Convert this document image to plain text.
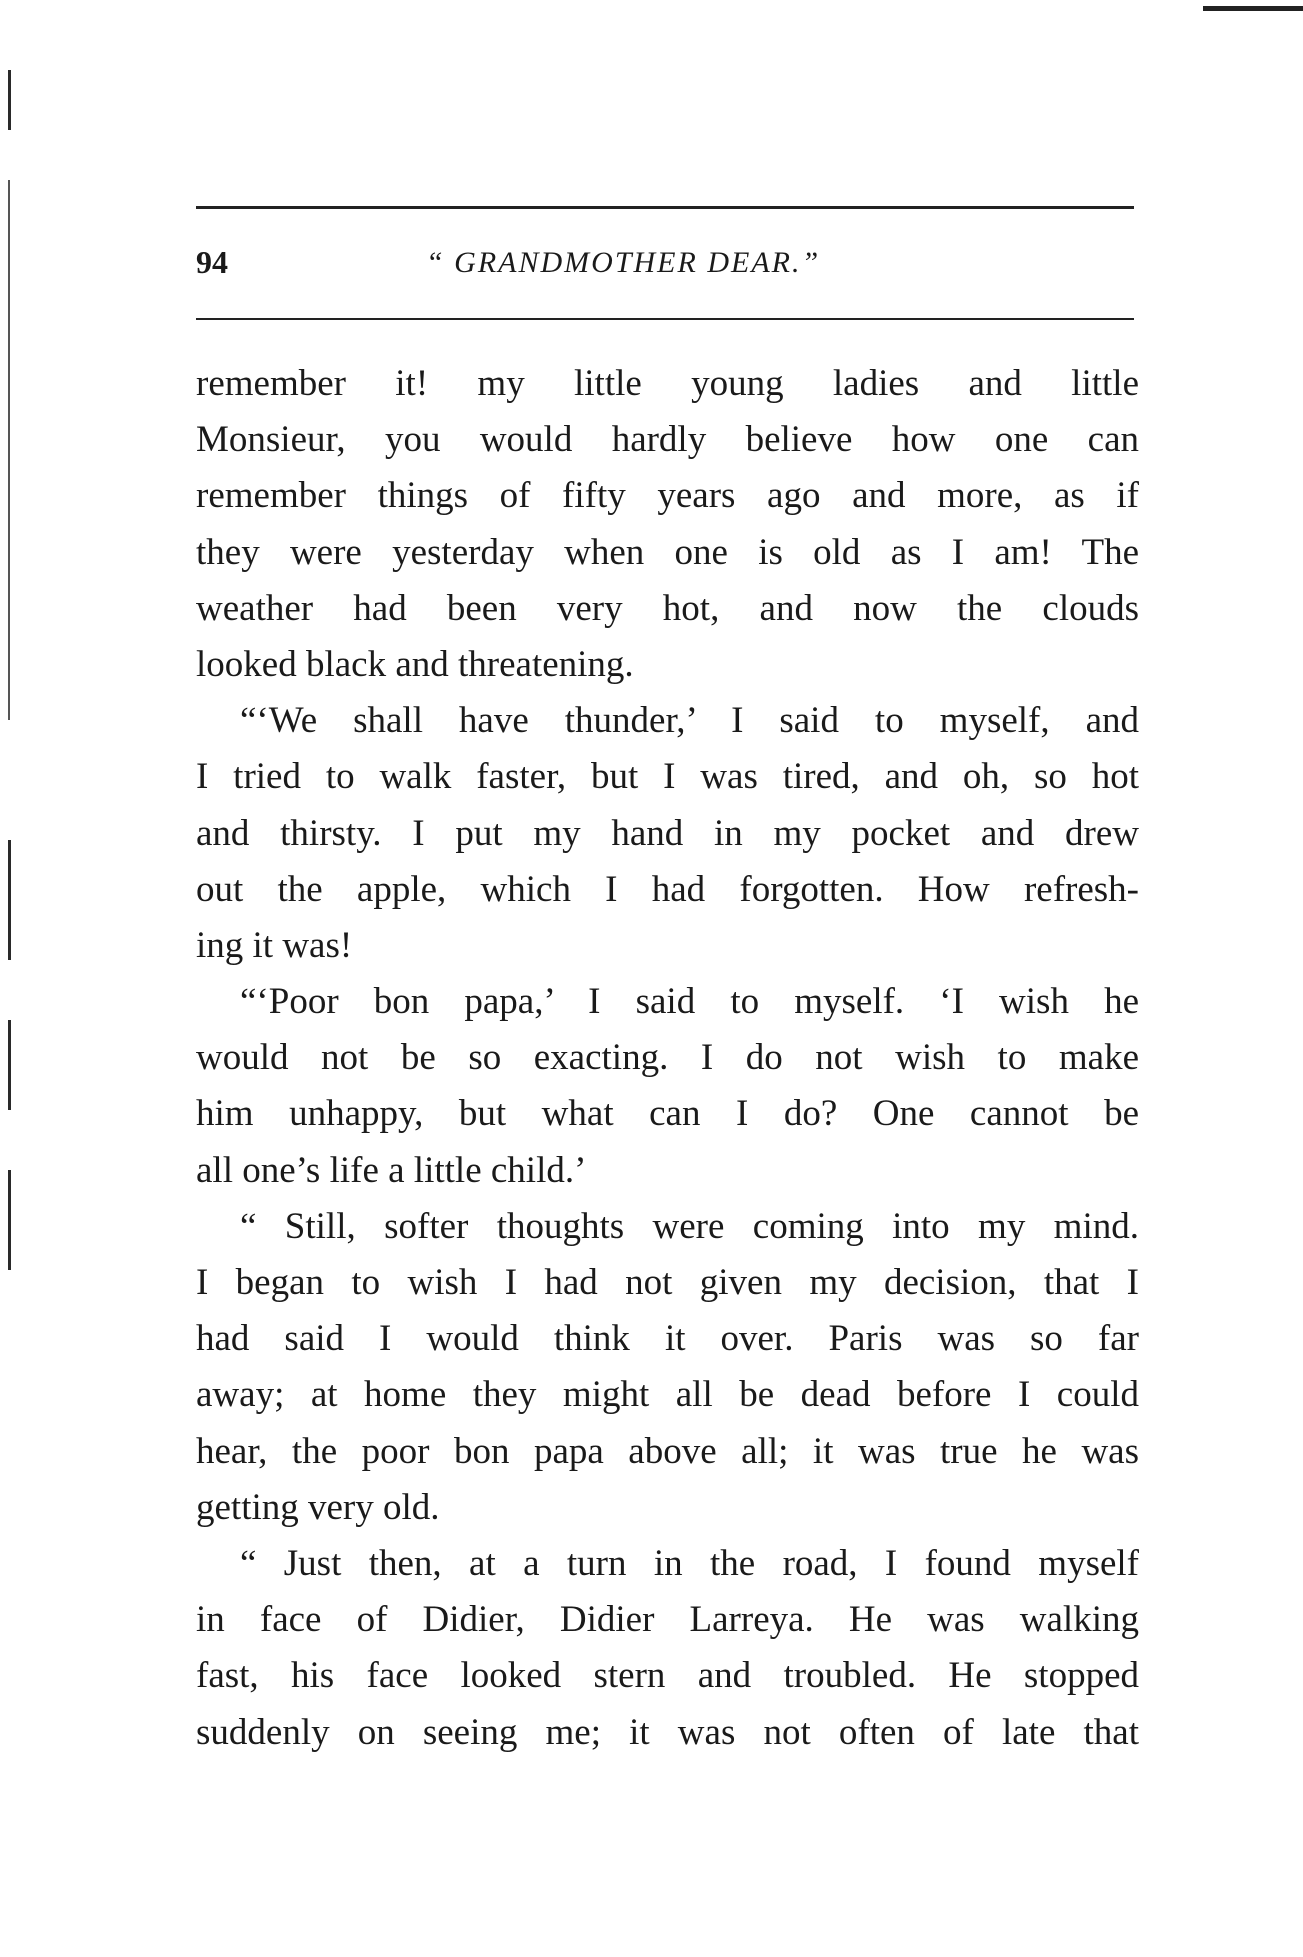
94	“ GRANDMOTHER DEAR.”
remember it! my little young ladies and little
Monsieur, you would hardly believe how one can
remember things of fifty years ago and more, as if
they were yesterday when one is old as I am! The
weather had been very hot, and now the clouds
looked black and threatening.
“‘We shall have thunder,’ I said to myself, and
I tried to walk faster, but I was tired, and oh, so hot
and thirsty. I put my hand in my pocket and drew
out the apple, which I had forgotten. How refresh-
ing it was!
“‘Poor bon papa,’ I said to myself. ‘I wish he
would not be so exacting. I do not wish to make
him unhappy, but what can I do? One cannot be
all one’s life a little child.’
“ Still, softer thoughts were coming into my mind.
I began to wish I had not given my decision, that I
had said I would think it over. Paris was so far
away; at home they might all be dead before I could
hear, the poor bon papa above all; it was true he was
getting very old.
“ Just then, at a turn in the road, I found myself
in face of Didier, Didier Larreya. He was walking
fast, his face looked stern and troubled. He stopped
suddenly on seeing me; it was not often of late that
